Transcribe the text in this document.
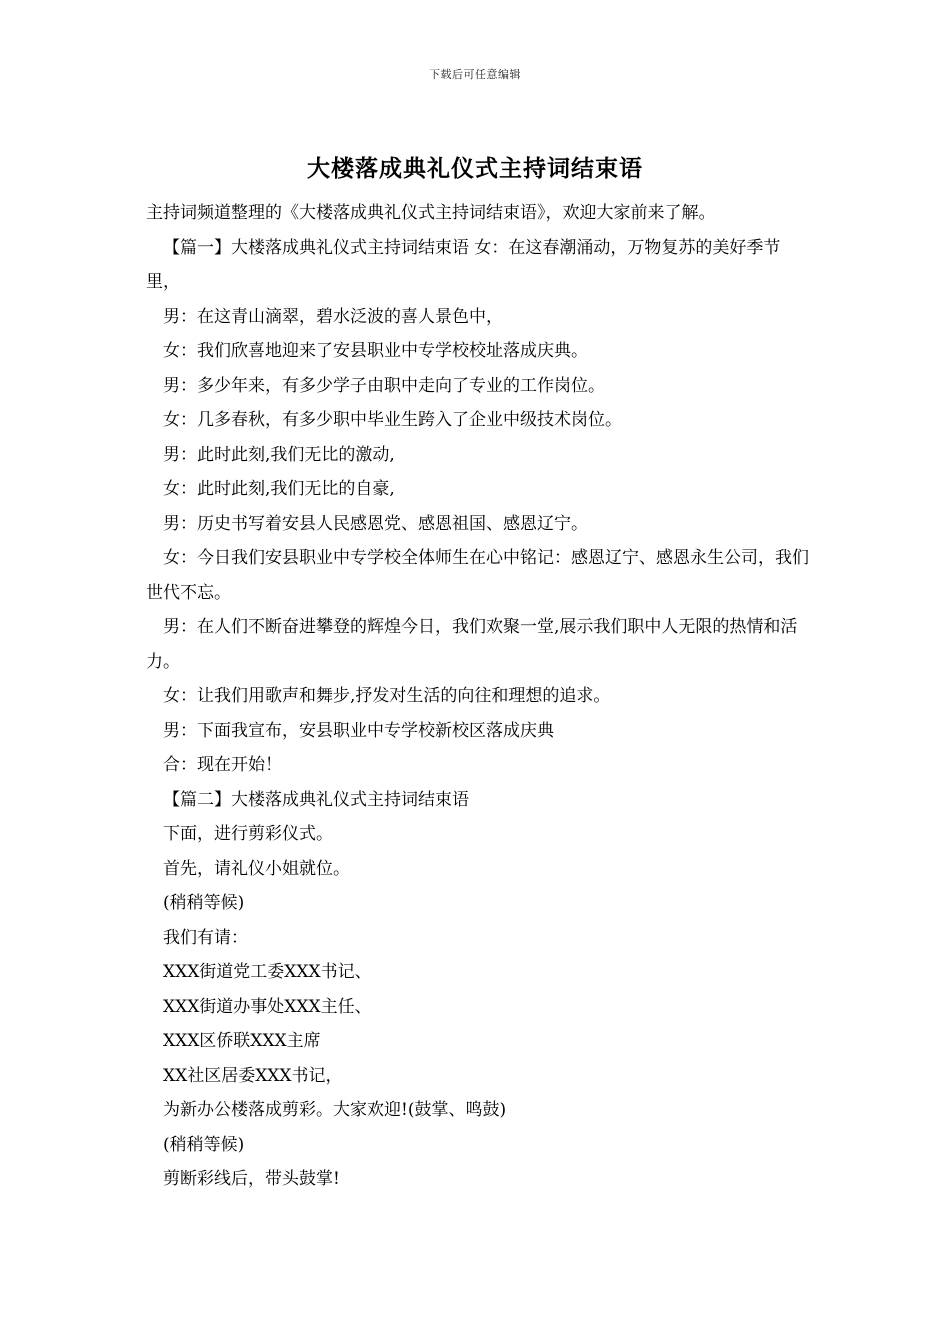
下载后可任意编辑
大楼落成典礼仪式主持词结束语

主持词频道整理的《大楼落成典礼仪式主持词结束语》，欢迎大家前来了解。

【篇一】大楼落成典礼仪式主持词结束语 女：在这春潮涌动，万物复苏的美好季节里，

男：在这青山滴翠，碧水泛波的喜人景色中，

女：我们欣喜地迎来了安县职业中专学校校址落成庆典。

男：多少年来，有多少学子由职中走向了专业的工作岗位。

女：几多春秋，有多少职中毕业生跨入了企业中级技术岗位。

男：此时此刻,我们无比的激动,

女：此时此刻,我们无比的自豪,

男：历史书写着安县人民感恩党、感恩祖国、感恩辽宁。

女：今日我们安县职业中专学校全体师生在心中铭记：感恩辽宁、感恩永生公司，我们世代不忘。

男：在人们不断奋进攀登的辉煌今日，我们欢聚一堂,展示我们职中人无限的热情和活力。

女：让我们用歌声和舞步,抒发对生活的向往和理想的追求。

男：下面我宣布，安县职业中专学校新校区落成庆典

合：现在开始！

【篇二】大楼落成典礼仪式主持词结束语

下面，进行剪彩仪式。

首先，请礼仪小姐就位。

(稍稍等候)

我们有请：

XXX街道党工委XXX书记、

XXX街道办事处XXX主任、

XXX区侨联XXX主席

XX社区居委XXX书记，

为新办公楼落成剪彩。大家欢迎!(鼓掌、鸣鼓)

(稍稍等候)

剪断彩线后，带头鼓掌!
